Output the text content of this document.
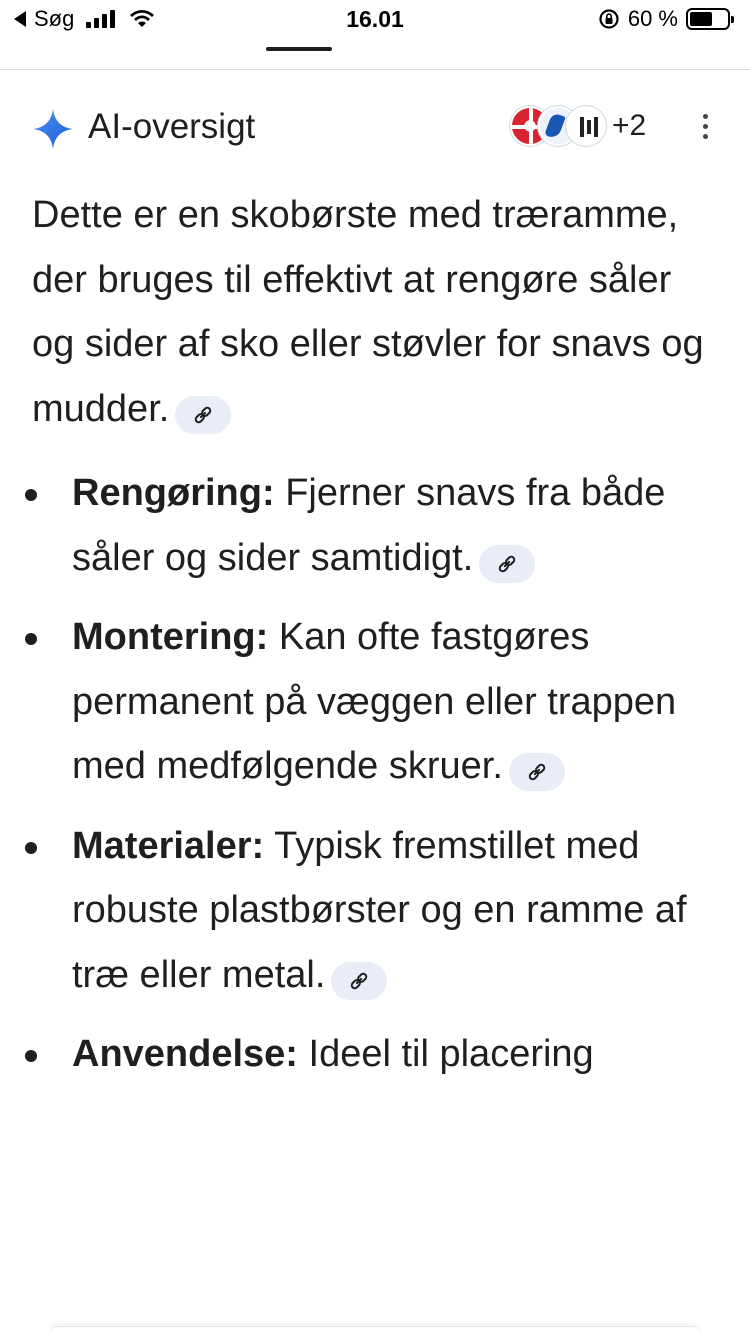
Søg	16.01	60 %
AI-oversigt	+2

Dette er en skobørste med træramme, der bruges til effektivt at rengøre såler og sider af sko eller støvler for snavs og mudder.

Rengøring: Fjerner snavs fra både såler og sider samtidigt.
Montering: Kan ofte fastgøres permanent på væggen eller trappen med medfølgende skruer.
Materialer: Typisk fremstillet med robuste plastbørster og en ramme af træ eller metal.
Anvendelse: Ideel til placering
